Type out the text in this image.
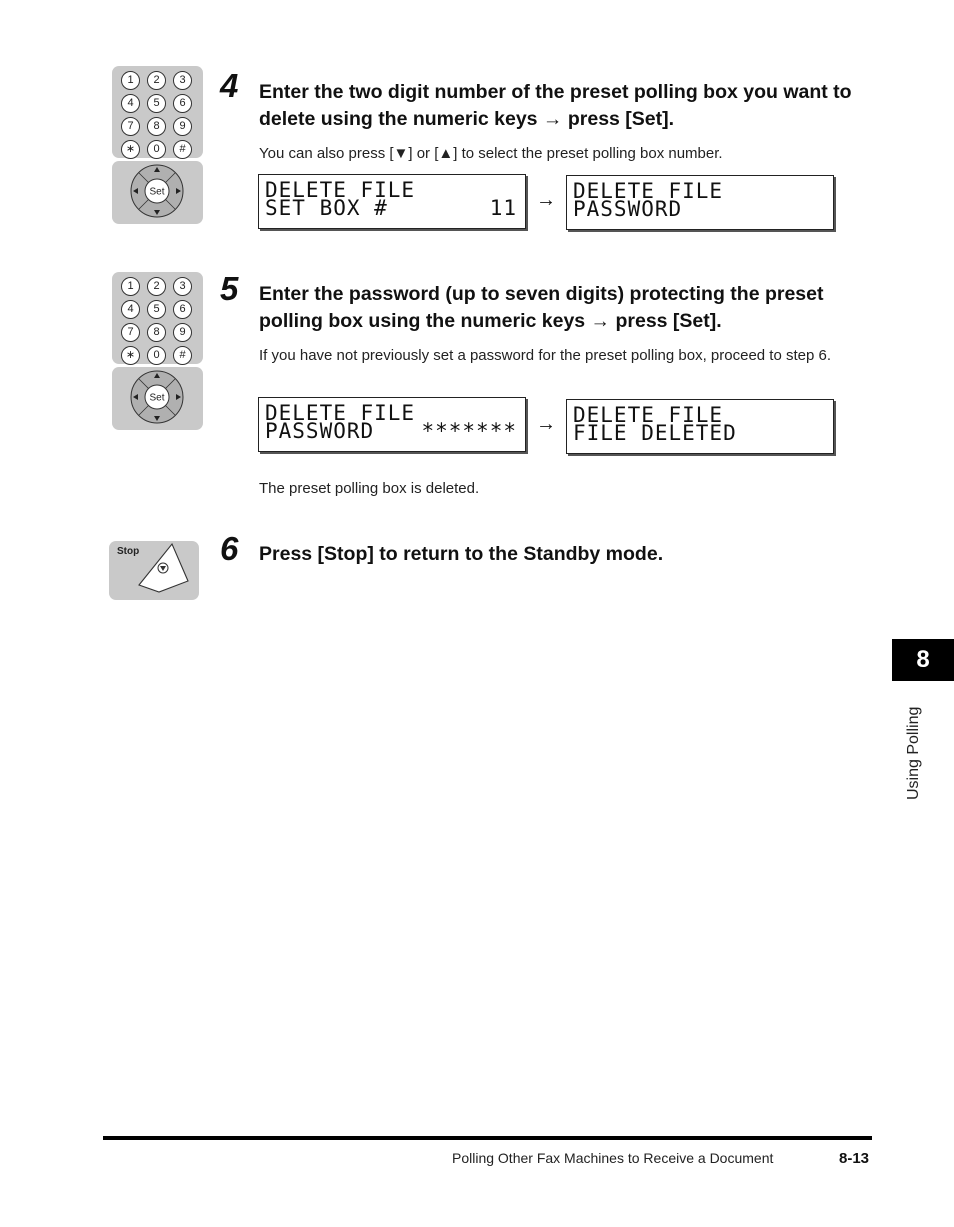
1	2	3
4	5	6
7	8	9
∗	0	#
Set
4 Enter the two digit number of the preset polling box you want to delete using the numeric keys → press [Set].
You can also press [▼] or [▲] to select the preset polling box number.
DELETE FILE
SET BOX #	11 → DELETE FILE
PASSWORD
1	2	3
4	5	6
7	8	9
∗	0	#
Set
5 Enter the password (up to seven digits) protecting the preset polling box using the numeric keys → press [Set].
If you have not previously set a password for the preset polling box, proceed to step 6.
DELETE FILE
PASSWORD ******* → DELETE FILE
FILE DELETED
The preset polling box is deleted.
Stop 6 Press [Stop] to return to the Standby mode.
8
Using Polling
Polling Other Fax Machines to Receive a Document	8-13
